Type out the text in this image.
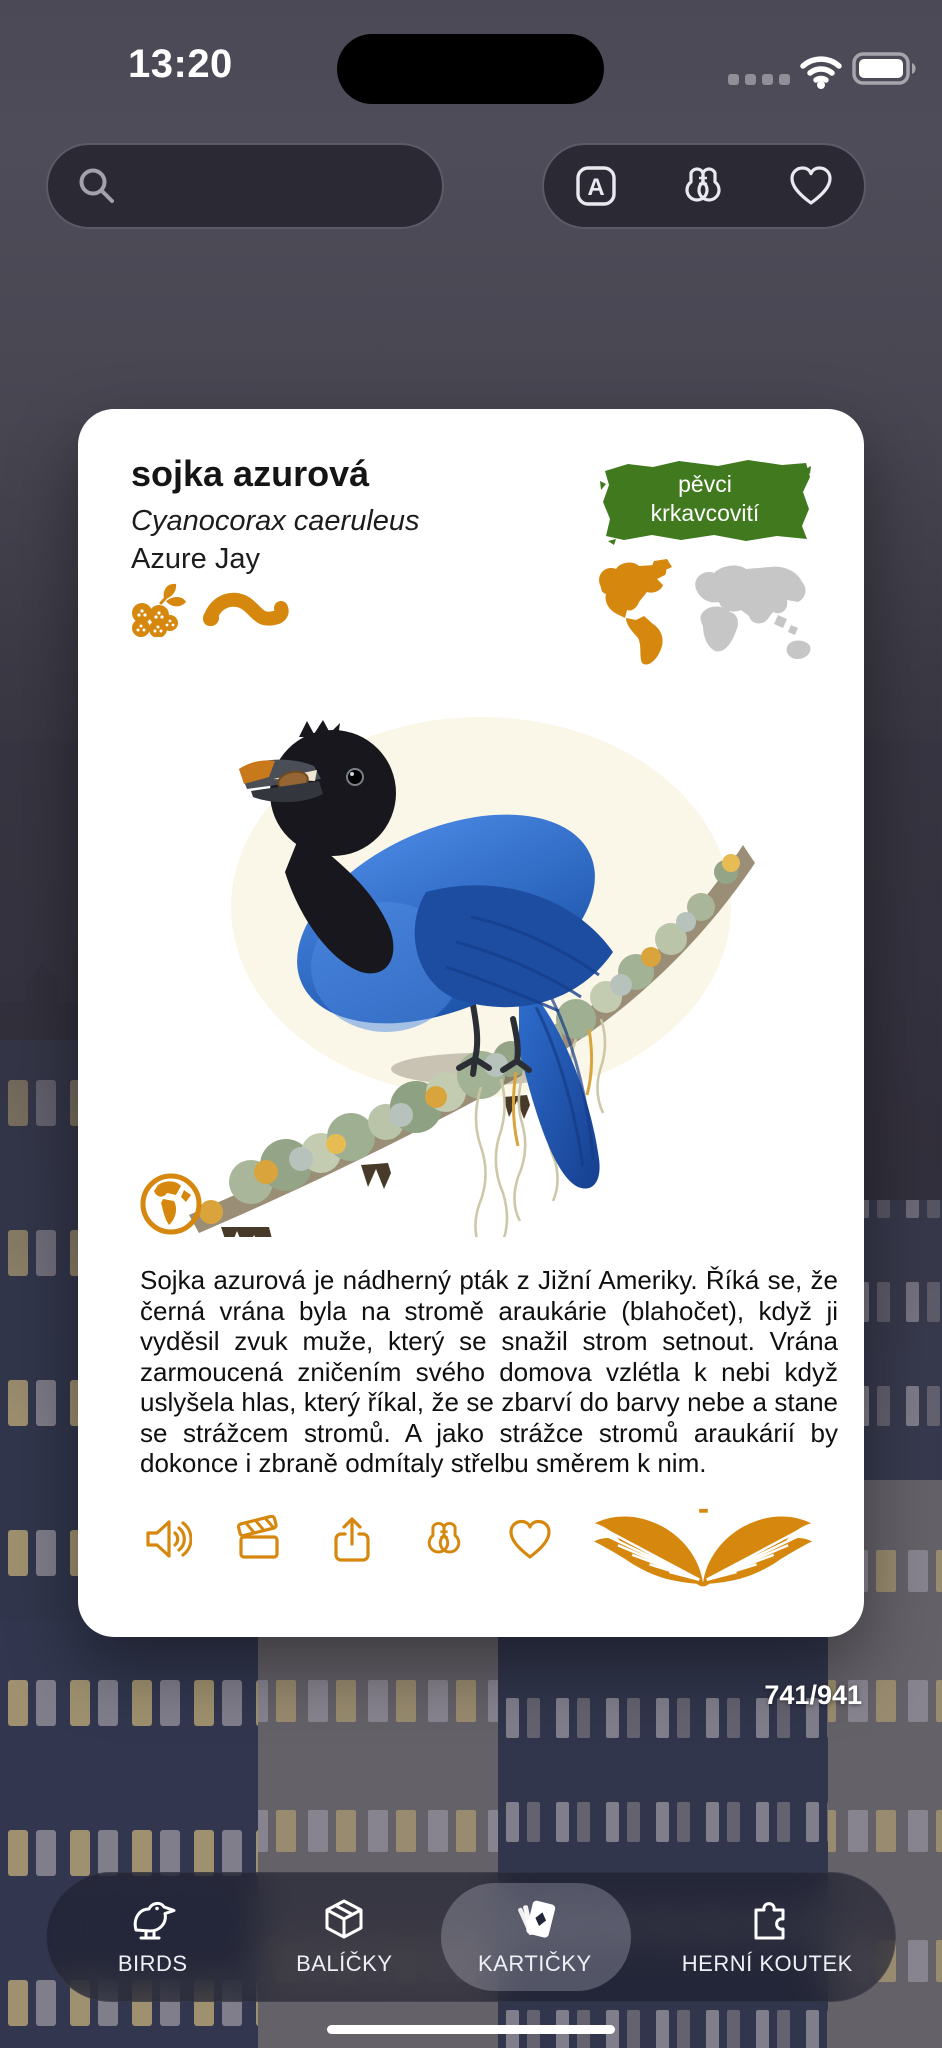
13:20
A
sojka azurová
Cyanocorax caeruleus
Azure Jay
pěvci
krkavcovití
Sojka azurová je nádherný pták z Jižní Ameriky. Říká se, že černá vrána byla na stromě araukárie (blahočet), když ji vyděsil zvuk muže, který se snažil strom setnout. Vrána zarmoucená zničením svého domova vzlétla k nebi když uslyšela hlas, který říkal, že se zbarví do barvy nebe a stane se strážcem stromů. A jako strážce stromů araukárií by dokonce i zbraně odmítaly střelbu směrem k nim.
741/941
BIRDS	BALÍČKY	KARTIČKY	HERNÍ KOUTEK
